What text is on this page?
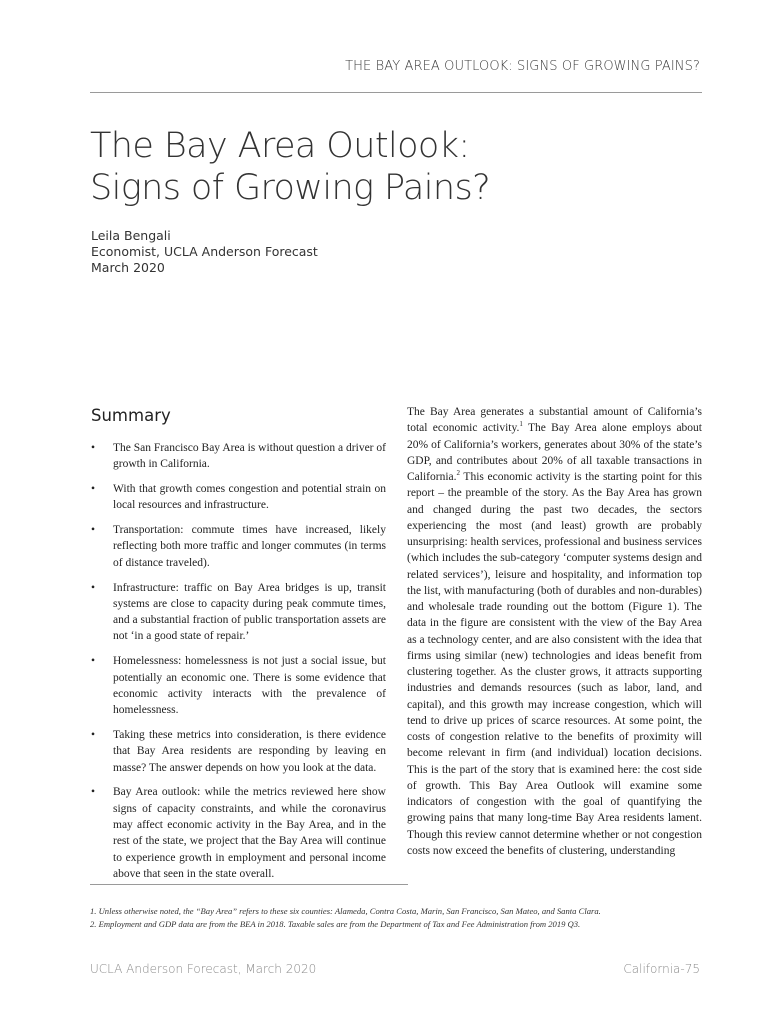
THE BAY AREA OUTLOOK: SIGNS OF GROWING PAINS?
The Bay Area Outlook:
Signs of Growing Pains?
Leila Bengali
Economist, UCLA Anderson Forecast
March 2020
Summary
• The San Francisco Bay Area is without question a driver of growth in California.
• With that growth comes congestion and potential strain on local resources and infrastructure.
• Transportation: commute times have increased, likely reflecting both more traffic and longer commutes (in terms of distance traveled).
• Infrastructure: traffic on Bay Area bridges is up, transit systems are close to capacity during peak commute times, and a substantial fraction of public transportation assets are not ‘in a good state of repair.’
• Homelessness: homelessness is not just a social issue, but potentially an economic one. There is some evidence that economic activity interacts with the prevalence of homelessness.
• Taking these metrics into consideration, is there evidence that Bay Area residents are responding by leaving en masse? The answer depends on how you look at the data.
• Bay Area outlook: while the metrics reviewed here show signs of capacity constraints, and while the coronavirus may affect economic activity in the Bay Area, and in the rest of the state, we project that the Bay Area will continue to experience growth in employment and personal income above that seen in the state overall.

The Bay Area generates a substantial amount of California’s total economic activity.$^1$ The Bay Area alone employs about 20% of California’s workers, generates about 30% of the state’s GDP, and contributes about 20% of all taxable transactions in California.$^2$ This economic activity is the starting point for this report – the preamble of the story. As the Bay Area has grown and changed during the past two decades, the sectors experiencing the most (and least) growth are probably unsurprising: health services, professional and business services (which includes the sub-category ‘computer systems design and related services’), leisure and hospitality, and information top the list, with manufacturing (both of durables and non-durables) and wholesale trade rounding out the bottom (Figure 1). The data in the figure are consistent with the view of the Bay Area as a technology center, and are also consistent with the idea that firms using similar (new) technologies and ideas benefit from clustering together. As the cluster grows, it attracts supporting industries and demands resources (such as labor, land, and capital), and this growth may increase congestion, which will tend to drive up prices of scarce resources. At some point, the costs of congestion relative to the benefits of proximity will become relevant in firm (and individual) location decisions. This is the part of the story that is examined here: the cost side of growth. This Bay Area Outlook will examine some indicators of congestion with the goal of quantifying the growing pains that many long-time Bay Area residents lament. Though this review cannot determine whether or not congestion costs now exceed the benefits of clustering, understanding

1. Unless otherwise noted, the “Bay Area” refers to these six counties: Alameda, Contra Costa, Marin, San Francisco, San Mateo, and Santa Clara.
2. Employment and GDP data are from the BEA in 2018. Taxable sales are from the Department of Tax and Fee Administration from 2019 Q3.
UCLA Anderson Forecast, March 2020	California-75
